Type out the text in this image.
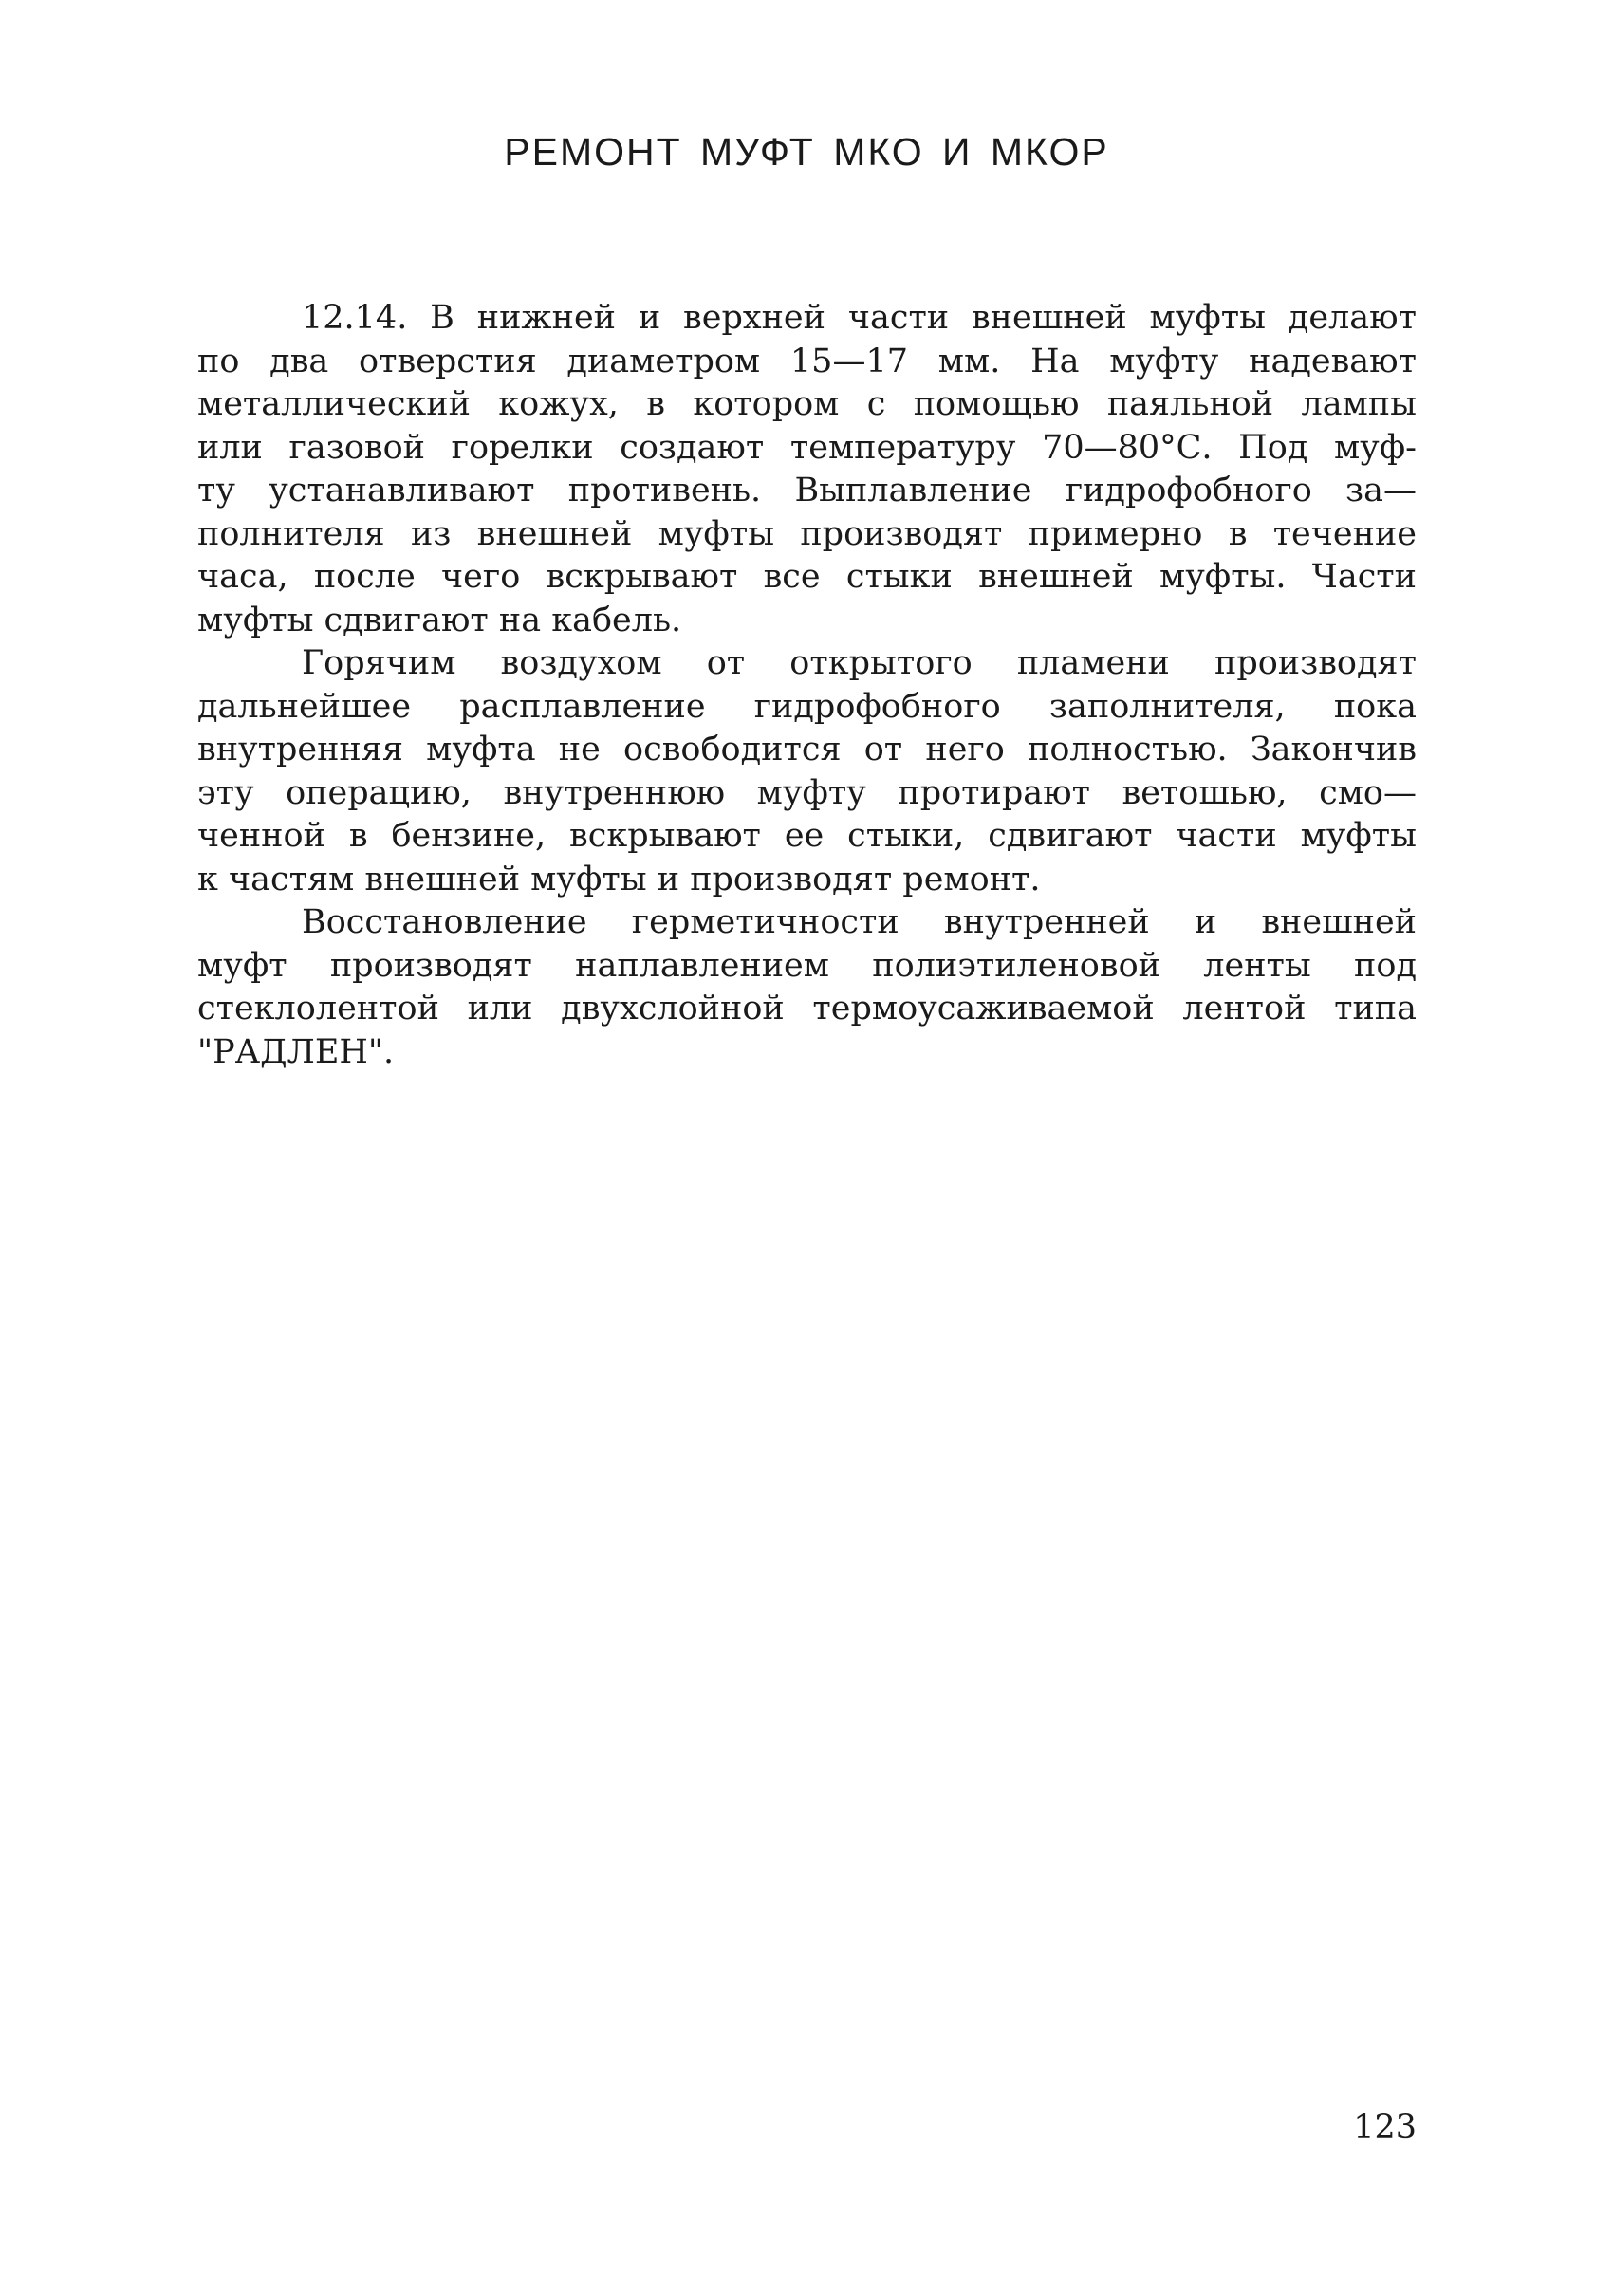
РЕМОНТ МУФТ МКО И МКОР

12.14. В нижней и верхней части внешней муфты делают
по два отверстия диаметром 15—17 мм. На муфту надевают
металлический кожух, в котором с помощью паяльной лампы
или газовой горелки создают температуру 70—80°С. Под муф-
ту устанавливают противень. Выплавление гидрофобного за—
полнителя из внешней муфты производят примерно в течение
часа, после чего вскрывают все стыки внешней муфты. Части
муфты сдвигают на кабель.

Горячим воздухом от открытого пламени производят
дальнейшее расплавление гидрофобного заполнителя, пока
внутренняя муфта не освободится от него полностью. Закончив
эту операцию, внутреннюю муфту протирают ветошью, смо—
ченной в бензине, вскрывают ее стыки, сдвигают части муфты
к частям внешней муфты и производят ремонт.

Восстановление герметичности внутренней и внешней
муфт производят наплавлением полиэтиленовой ленты под
стеклолентой или двухслойной термоусаживаемой лентой типа
"РАДЛЕН".

123
